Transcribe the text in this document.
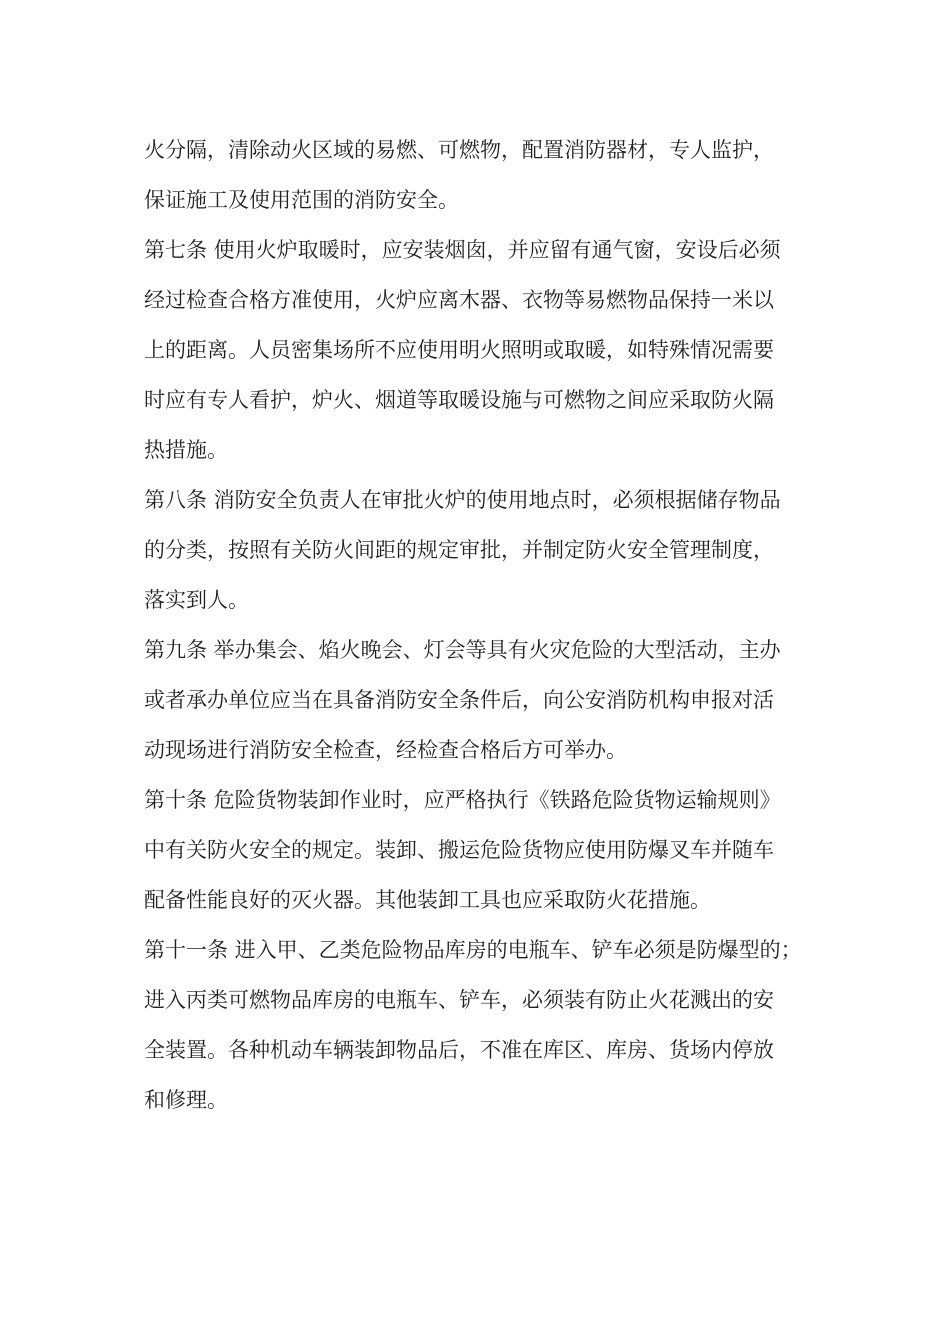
火分隔，清除动火区域的易燃、可燃物，配置消防器材，专人监护，
保证施工及使用范围的消防安全。
第七条 使用火炉取暖时，应安装烟囱，并应留有通气窗，安设后必须
经过检查合格方准使用，火炉应离木器、衣物等易燃物品保持一米以
上的距离。人员密集场所不应使用明火照明或取暖，如特殊情况需要
时应有专人看护，炉火、烟道等取暖设施与可燃物之间应采取防火隔
热措施。
第八条 消防安全负责人在审批火炉的使用地点时，必须根据储存物品
的分类，按照有关防火间距的规定审批，并制定防火安全管理制度，
落实到人。
第九条 举办集会、焰火晚会、灯会等具有火灾危险的大型活动，主办
或者承办单位应当在具备消防安全条件后，向公安消防机构申报对活
动现场进行消防安全检查，经检查合格后方可举办。
第十条 危险货物装卸作业时，应严格执行《铁路危险货物运输规则》
中有关防火安全的规定。装卸、搬运危险货物应使用防爆叉车并随车
配备性能良好的灭火器。其他装卸工具也应采取防火花措施。
第十一条 进入甲、乙类危险物品库房的电瓶车、铲车必须是防爆型的；
进入丙类可燃物品库房的电瓶车、铲车，必须装有防止火花溅出的安
全装置。各种机动车辆装卸物品后，不准在库区、库房、货场内停放
和修理。
